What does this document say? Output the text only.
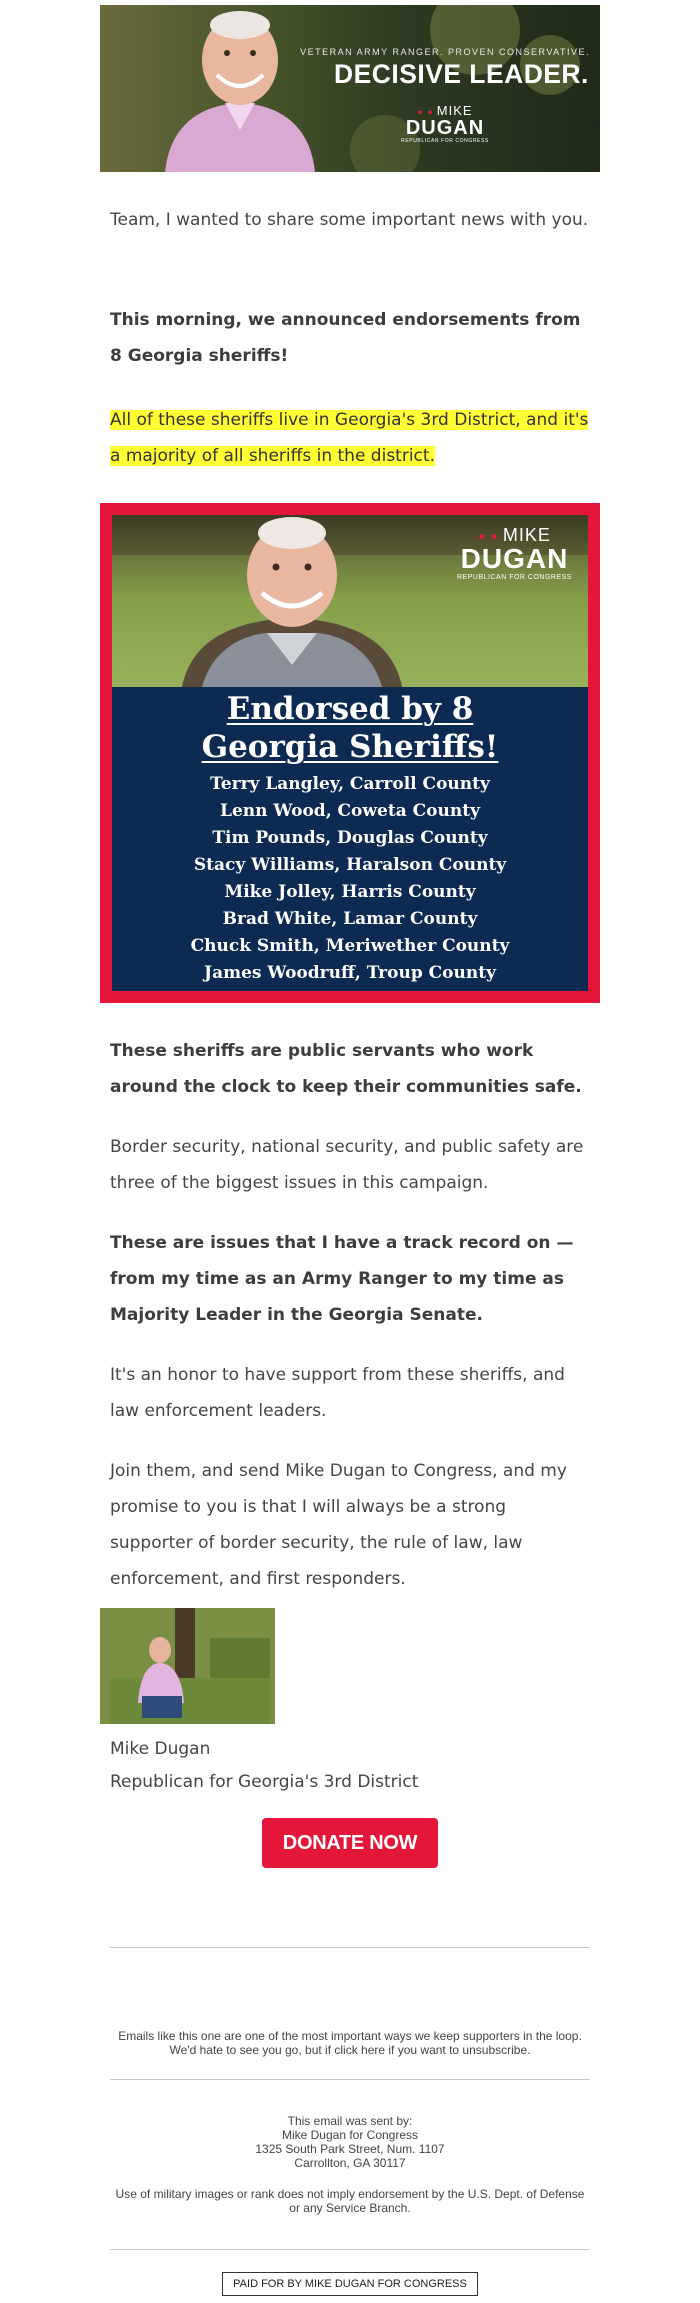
VETERAN ARMY RANGER. PROVEN CONSERVATIVE.
DECISIVE LEADER.
● ● MIKE
DUGAN
REPUBLICAN FOR CONGRESS

Team, I wanted to share some important news with you.

This morning, we announced endorsements from 8 Georgia sheriffs!

All of these sheriffs live in Georgia's 3rd District, and it's a majority of all sheriffs in the district.

● ● MIKE
DUGAN
REPUBLICAN FOR CONGRESS
Endorsed by 8
Georgia Sheriffs!
Terry Langley, Carroll County
Lenn Wood, Coweta County
Tim Pounds, Douglas County
Stacy Williams, Haralson County
Mike Jolley, Harris County
Brad White, Lamar County
Chuck Smith, Meriwether County
James Woodruff, Troup County

These sheriffs are public servants who work around the clock to keep their communities safe.

Border security, national security, and public safety are three of the biggest issues in this campaign.

These are issues that I have a track record on — from my time as an Army Ranger to my time as Majority Leader in the Georgia Senate.

It's an honor to have support from these sheriffs, and law enforcement leaders.

Join them, and send Mike Dugan to Congress, and my promise to you is that I will always be a strong supporter of border security, the rule of law, law enforcement, and first responders.

Mike Dugan
Republican for Georgia's 3rd District
DONATE NOW

Emails like this one are one of the most important ways we keep supporters in the loop. We'd hate to see you go, but if click here if you want to unsubscribe.

This email was sent by:
Mike Dugan for Congress
1325 South Park Street, Num. 1107
Carrollton, GA 30117

Use of military images or rank does not imply endorsement by the U.S. Dept. of Defense or any Service Branch.

PAID FOR BY MIKE DUGAN FOR CONGRESS
